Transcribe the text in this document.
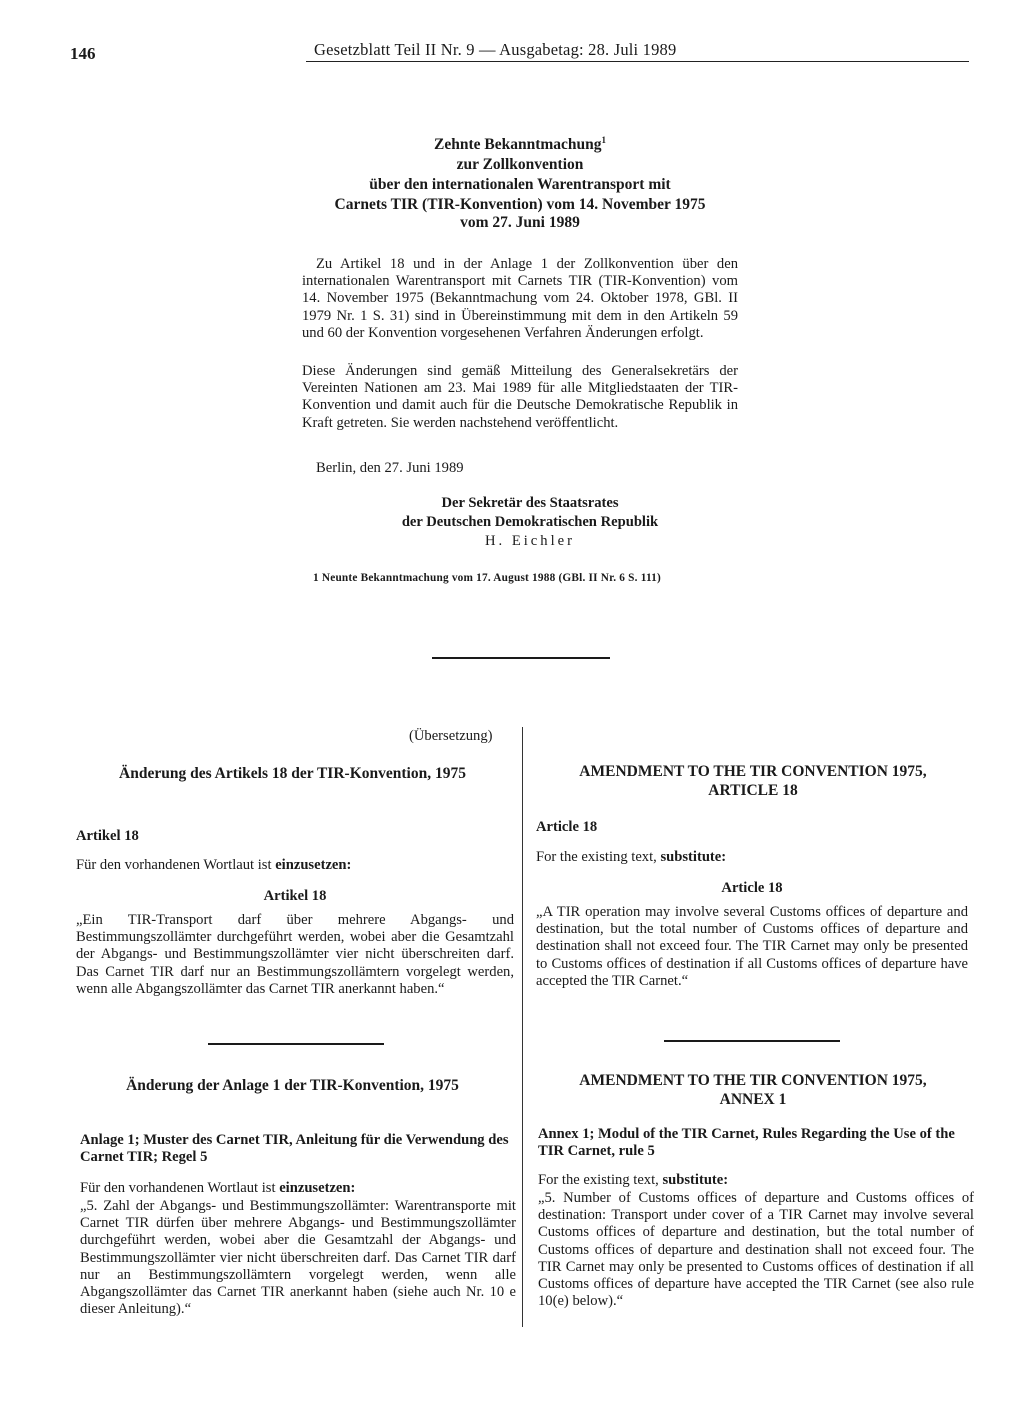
146	Gesetzblatt Teil II Nr. 9 — Ausgabetag: 28. Juli 1989
Zehnte Bekanntmachung$^1$
zur Zollkonvention
über den internationalen Warentransport mit
Carnets TIR (TIR-Konvention) vom 14. November 1975
vom 27. Juni 1989
Zu Artikel 18 und in der Anlage 1 der Zollkonvention über den internationalen Warentransport mit Carnets TIR (TIR-Konvention) vom 14. November 1975 (Bekanntmachung vom 24. Oktober 1978, GBl. II 1979 Nr. 1 S. 31) sind in Übereinstimmung mit dem in den Artikeln 59 und 60 der Konvention vorgesehenen Verfahren Änderungen erfolgt.
Diese Änderungen sind gemäß Mitteilung des Generalsekretärs der Vereinten Nationen am 23. Mai 1989 für alle Mitgliedstaaten der TIR-Konvention und damit auch für die Deutsche Demokratische Republik in Kraft getreten. Sie werden nachstehend veröffentlicht.
Berlin, den 27. Juni 1989
Der Sekretär des Staatsrates
der Deutschen Demokratischen Republik
H. Eichler
1 Neunte Bekanntmachung vom 17. August 1988 (GBl. II Nr. 6 S. 111)
(Übersetzung)
Änderung des Artikels 18 der TIR-Konvention, 1975
Artikel 18
Für den vorhandenen Wortlaut ist einzusetzen:
Artikel 18
„Ein TIR-Transport darf über mehrere Abgangs- und Bestimmungszollämter durchgeführt werden, wobei aber die Gesamtzahl der Abgangs- und Bestimmungszollämter vier nicht überschreiten darf. Das Carnet TIR darf nur an Bestimmungszollämtern vorgelegt werden, wenn alle Abgangszollämter das Carnet TIR anerkannt haben.“
Änderung der Anlage 1 der TIR-Konvention, 1975
Anlage 1; Muster des Carnet TIR, Anleitung für die Verwendung des Carnet TIR; Regel 5
Für den vorhandenen Wortlaut ist einzusetzen:
„5. Zahl der Abgangs- und Bestimmungszollämter: Warentransporte mit Carnet TIR dürfen über mehrere Abgangs- und Bestimmungszollämter durchgeführt werden, wobei aber die Gesamtzahl der Abgangs- und Bestimmungszollämter vier nicht überschreiten darf. Das Carnet TIR darf nur an Bestimmungszollämtern vorgelegt werden, wenn alle Abgangszollämter das Carnet TIR anerkannt haben (siehe auch Nr. 10 e dieser Anleitung).“
AMENDMENT TO THE TIR CONVENTION 1975,
ARTICLE 18
Article 18
For the existing text, substitute:
Article 18
„A TIR operation may involve several Customs offices of departure and destination, but the total number of Customs offices of departure and destination shall not exceed four. The TIR Carnet may only be presented to Customs offices of destination if all Customs offices of departure have accepted the TIR Carnet.“
AMENDMENT TO THE TIR CONVENTION 1975,
ANNEX 1
Annex 1; Modul of the TIR Carnet, Rules Regarding the Use of the TIR Carnet, rule 5
For the existing text, substitute:
„5. Number of Customs offices of departure and Customs offices of destination: Transport under cover of a TIR Carnet may involve several Customs offices of departure and destination, but the total number of Customs offices of departure and destination shall not exceed four. The TIR Carnet may only be presented to Customs offices of destination if all Customs offices of departure have accepted the TIR Carnet (see also rule 10(e) below).“
